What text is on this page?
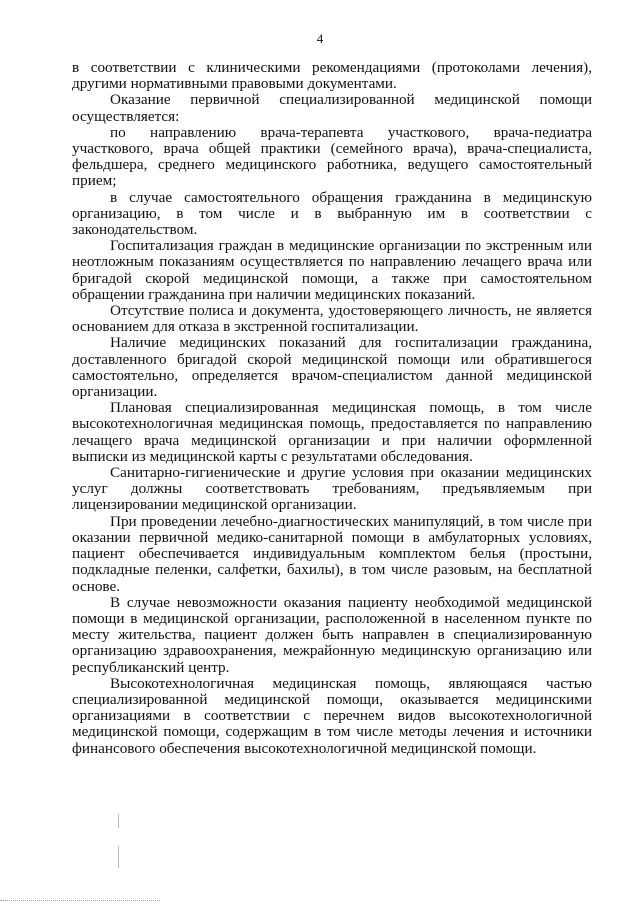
4

в соответствии с клиническими рекомендациями (протоколами лечения), другими нормативными правовыми документами.

Оказание первичной специализированной медицинской помощи осуществляется:

по направлению врача-терапевта участкового, врача-педиатра участкового, врача общей практики (семейного врача), врача-специалиста, фельдшера, среднего медицинского работника, ведущего самостоятельный прием;

в случае самостоятельного обращения гражданина в медицинскую организацию, в том числе и в выбранную им в соответствии с законодательством.

Госпитализация граждан в медицинские организации по экстренным или неотложным показаниям осуществляется по направлению лечащего врача или бригадой скорой медицинской помощи, а также при самостоятельном обращении гражданина при наличии медицинских показаний.

Отсутствие полиса и документа, удостоверяющего личность, не является основанием для отказа в экстренной госпитализации.

Наличие медицинских показаний для госпитализации гражданина, доставленного бригадой скорой медицинской помощи или обратившегося самостоятельно, определяется врачом-специалистом данной медицинской организации.

Плановая специализированная медицинская помощь, в том числе высокотехнологичная медицинская помощь, предоставляется по направлению лечащего врача медицинской организации и при наличии оформленной выписки из медицинской карты с результатами обследования.

Санитарно-гигиенические и другие условия при оказании медицинских услуг должны соответствовать требованиям, предъявляемым при лицензировании медицинской организации.

При проведении лечебно-диагностических манипуляций, в том числе при оказании первичной медико-санитарной помощи в амбулаторных условиях, пациент обеспечивается индивидуальным комплектом белья (простыни, подкладные пеленки, салфетки, бахилы), в том числе разовым, на бесплатной основе.

В случае невозможности оказания пациенту необходимой медицинской помощи в медицинской организации, расположенной в населенном пункте по месту жительства, пациент должен быть направлен в специализированную организацию здравоохранения, межрайонную медицинскую организацию или республиканский центр.

Высокотехнологичная медицинская помощь, являющаяся частью специализированной медицинской помощи, оказывается медицинскими организациями в соответствии с перечнем видов высокотехнологичной медицинской помощи, содержащим в том числе методы лечения и источники финансового обеспечения высокотехнологичной медицинской помощи.
